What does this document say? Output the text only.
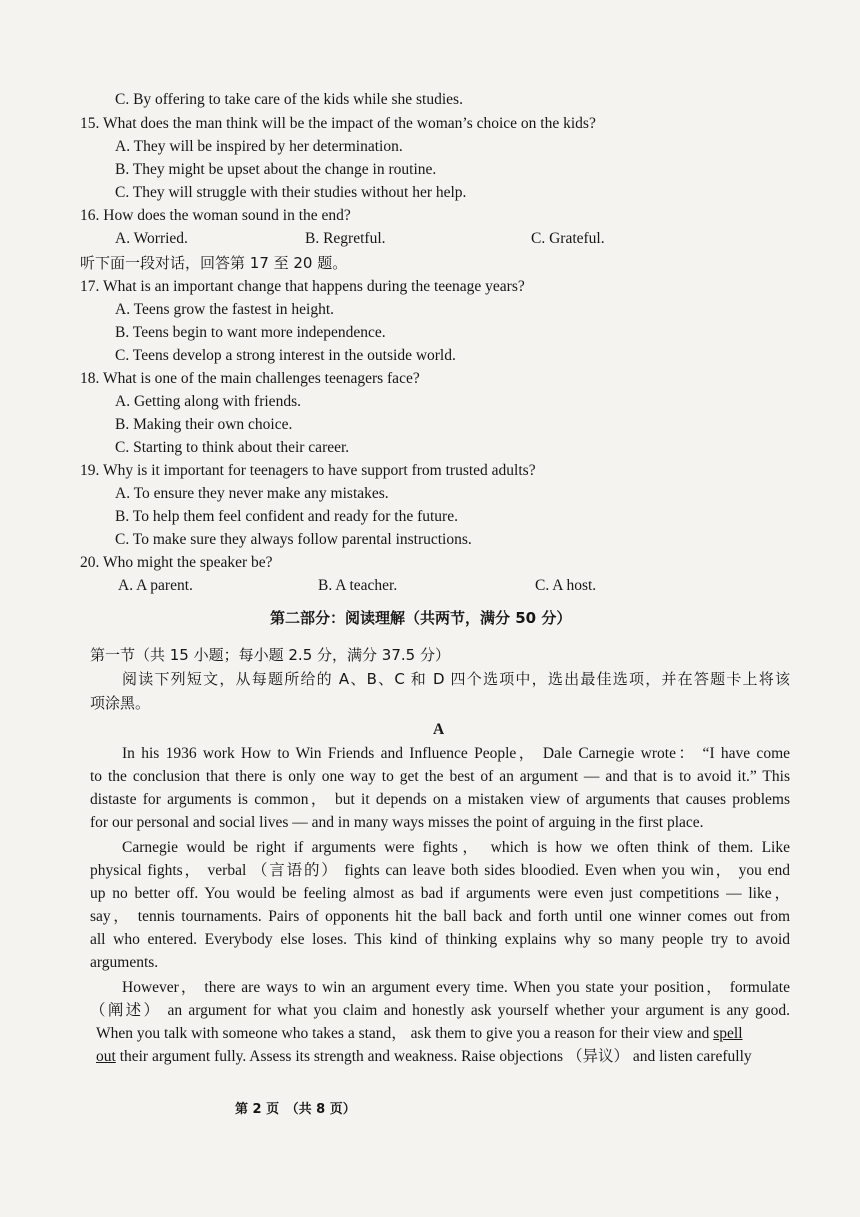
C. By offering to take care of the kids while she studies.
15. What does the man think will be the impact of the woman’s choice on the kids?
A. They will be inspired by her determination.
B. They might be upset about the change in routine.
C. They will struggle with their studies without her help.
16. How does the woman sound in the end?
A. Worried.	B. Regretful.	C. Grateful.
听下面一段对话，回答第 17 至 20 题。
17. What is an important change that happens during the teenage years?
A. Teens grow the fastest in height.
B. Teens begin to want more independence.
C. Teens develop a strong interest in the outside world.
18. What is one of the main challenges teenagers face?
A. Getting along with friends.
B. Making their own choice.
C. Starting to think about their career.
19. Why is it important for teenagers to have support from trusted adults?
A. To ensure they never make any mistakes.
B. To help them feel confident and ready for the future.
C. To make sure they always follow parental instructions.
20. Who might the speaker be?
A. A parent.	B. A teacher.	C. A host.
第二部分：阅读理解（共两节，满分 50 分）
第一节（共 15 小题；每小题 2.5 分，满分 37.5 分）
阅读下列短文，从每题所给的 A、B、C 和 D 四个选项中，选出最佳选项，并在答题卡上将该
项涂黑。
A
In his 1936 work How to Win Friends and Influence People， Dale Carnegie wrote： “I have come
to the conclusion that there is only one way to get the best of an argument — and that is to avoid it.” This
distaste for arguments is common， but it depends on a mistaken view of arguments that causes problems
for our personal and social lives — and in many ways misses the point of arguing in the first place.
Carnegie would be right if arguments were fights， which is how we often think of them. Like
physical fights， verbal （言语的） fights can leave both sides bloodied. Even when you win， you end
up no better off. You would be feeling almost as bad if arguments were even just competitions — like，
say， tennis tournaments. Pairs of opponents hit the ball back and forth until one winner comes out from
all who entered. Everybody else loses. This kind of thinking explains why so many people try to avoid
arguments.
However， there are ways to win an argument every time. When you state your position， formulate
（阐述） an argument for what you claim and honestly ask yourself whether your argument is any good.
When you talk with someone who takes a stand， ask them to give you a reason for their view and spell
out their argument fully. Assess its strength and weakness. Raise objections （异议） and listen carefully
第 2 页　（共 8 页）
